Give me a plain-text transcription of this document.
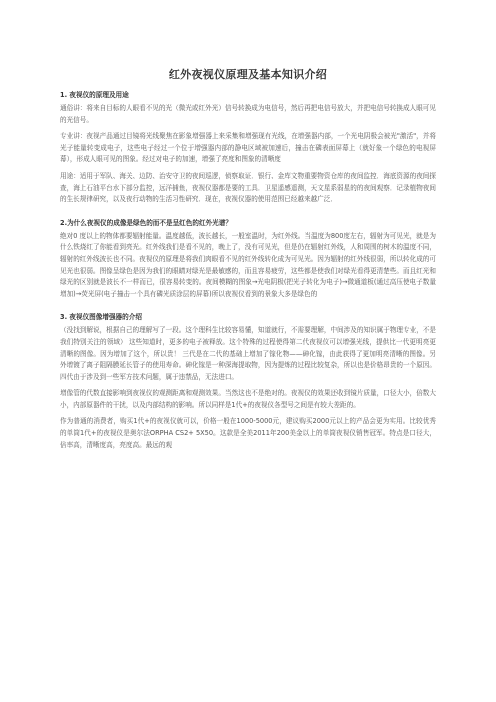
红外夜视仪原理及基本知识介绍
1. 夜视仪的原理及用途

通俗讲：将来自目标的人眼看不见的光（微光或红外光）信号转换成为电信号，然后再把电信号放大，并把电信号转换成人眼可见的光信号。

专业讲：夜视产品通过目镜将光线聚焦在影象增强器上来采集和增强现有光线，在增强器内部，一个光电阴极会被光"激活"，并将光子能量转变成电子，这些电子经过一个位于增强器内部的静电区域被加速后，撞击在磷表面屏幕上（就好象一个绿色的电视屏幕），形成人眼可见的图象。经过对电子的加速，增强了亮度和图象的清晰度

用途：适用于军队、海关、边防、治安守卫的夜间巡逻，侦察取证．银行、金库文物重要物资仓库的夜间监控．海底资源的夜间探查，海上石油平台水下部分监控，远洋捕鱼，夜视仪器都是要的工具．卫星遥感遥测，天文星系弱星的的夜间观察．记录植物夜间的生长规律研究，以及夜行动物的生活习性研究．现在，夜视仪器的使用范围已经越来越广泛．

2.为什么夜视仪的成像是绿色的而不是呈红色的红外光谱？

绝对0 度以上的物体都要辐射能量。温度越低，波长越长，一般室温时，为红外线。当温度为800度左右，辐射为可见光，就是为什么铁烧红了你能看到亮光。红外线我们是看不见的，晚上了，没有可见光，但是仍在辐射红外线，人和周围的树木的温度不同，辐射的红外线波长也不同。夜视仪的原理是将我们肉眼看不见的红外线转化成为可见光。因为辐射的红外线很弱，所以转化成的可见光也很弱。图像呈绿色是因为我们的眼睛对绿光是最敏感的，而且容易疲劳，这些都是使我们对绿光看得更清楚些。而且红光和绿光的区别就是波长不一样而已，很容易转变的。夜间模糊的图象→光电阴极(把光子转化为电子)→微通道板(通过高压使电子数量增加)→荧光屏(电子撞击一个具有磷光质涂层的屏幕)所以夜视仪看到的景象大多是绿色的

3. 夜视仪图像增强器的介绍

（没找到解说，根据自己的理解写了一段。这个理科生比较容易懂，知道就行，不需要理解，中间涉及的知识属于物理专业，不是我们特别关注的领域） 这些知道时，更多的电子被释放。这个特殊的过程使得第二代夜视仪可以增强光线，提供比一代更明亮更清晰的图像。因为增加了这个，所以贵！ 三代是在二代的基础上增加了镓化物——砷化镓，由此获得了更加明亮清晰的图像。另外增镀了离子阻隔膜延长管子的使用寿命。砷化镓是一种深海提取物，因为提炼的过程比较复杂，所以也是价格昂贵的一个原因。 四代由于涉及到一些军方技术问题，属于违禁品，无法进口。

增像管的代数直接影响到夜视仪的观测距离和观测效果。当然这也不是绝对的。夜视仪的效果还收到镜片质量，口径大小，倍数大小，内部原器件的干扰，以及内部结构的影响。所以同样是1代+的夜视仪各型号之间是有较大差距的。

作为普通的消费者，购买1代+的夜视仪就可以，价格一般在1000-5000元，建议购买2000元以上的产品会更为实用。比较优秀的单筒1代+的夜视仪是奥尔法ORPHA CS2+ 5X50。这款是全美2011年200美金以上的单筒夜视仪销售冠军。特点是口径大，倍率高，清晰度高，亮度高。最远的观
